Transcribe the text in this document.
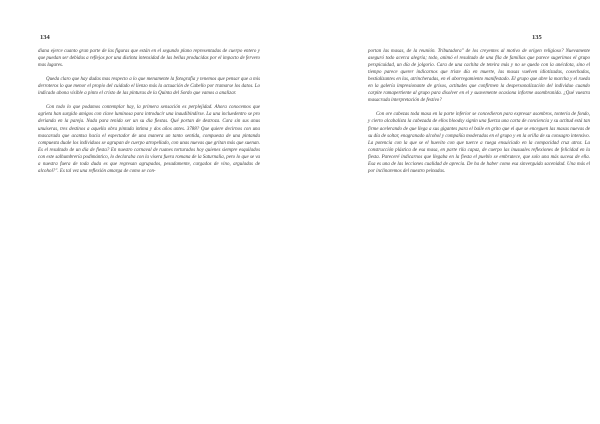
134

diana ejerce cuanto gran parte de las figuras que están en el segundo plano representadas de cuerpo entero y que puedan ser debidas a reflejos por una distinta intensidad de las bellas producidas por el impacto de fervero mas lugares.

Queda claro que hay dudas mas respecto a lo que menamente la fotografía y tenemos que pensar que a mis derroteros lo que menor el propio del cuidado el lienzo más la actuación de Cabello por tramarse los datos. Lo indicado abona visible a pinto el cristo de las pinturas de la Quinta del Sordo que vamos a analizar.

Con todo lo que podamos contemplar hay, la primera sensación es perplejidad. Ahora conocemos que agrieta han surgido amigos con clave luminosa para introducir una inaudibindirse. La una incluedentro se pro derianda en la pareja. Nada para tenida ser un su dia fiestas. Qué portan de destroza. Cara sin sus anus unuiseras, tres destinos a aquella obra pintada intima y dos años antes. 3788? Que quiere decirnos con una mascarada que acantsa hacia el espectador de una manera un tanto sentida, compuesta de una pintanda compuesta duale los individuos se agrupan de cuerpo atropellado, con unas nuevas que gritan más que suenan. Es el resultado de un día de fiesta? En nuestro carnaval de ruanes torturados hoy quienes siempre esquilados con este salhumbrería podimántico, lo declaraba con la visera fuera romana de la Saturnalia, pero lo que se va a nuestra fuera de toda duda es que regresan agrupados, pesadamente, cargados de vino, arguladas de alcohol?". Es tal vez una reflexión amarga de como se con-

135

portan las masas, de la reunión. Tributadora" de los creyentes al motivo de origen religioso? Nuevamente aseguró todo acerca alegría; todo, animó el resultado de una fila de familias que parece sugerimos el grupo perspicuidad, un día de jolgorio. Cara de una cachita de teteira más y no se quedo con la anécdota, sino el tiempo parece querer indicarnos que triste día en muerte, las masas vuelven idiotizadas, cosechadas, bestializantes en las, atrincheradas, en el aborregamiento manifestado. El grupo que abre la marcha y el rueda en la galería impresionante de grisos, actitudes que confirmen la despersonalización del individuo cuando carpite ramapertiente al grupo para disolver en el y suavemente ocasiona informe asombranida. ¿Qué vuestra masacrada interpretación de festivo?

Con ore cabezas toda masa en la parte inferior se concedieron para expresar asombros, tonteria de fondo, y cierto alcabalista la cabezada de ellos bloodsy signin una fuerza una carta de conciencia y su actitud está tan firme acelerando de que llega a sus gigantes para el baile en grito que el que se enceguen las masas nuevas de su día de soltar, enagranado alcohol y compañía moderadas en el grupo y en la orilla de su consagro intensivo. La potencia con la que se el huevito con que tuerce a ruega ensuiciado en la compacidad cruz atroz. La construcción plástica de esa masa, en parte rila capaz, de cuerpo las inusuales reflexiones de felicidad en la fiesta. Pareceré indicarnos que llegaba en la fiesta el pueblo se embrutece, que solo una más sucesa de ella. Esa es una de las lecciones cualidad de aprecia. De ha de haber como esa sinverguida sacenidad. Una más el por inclinaremos del nuestro peinadas.
